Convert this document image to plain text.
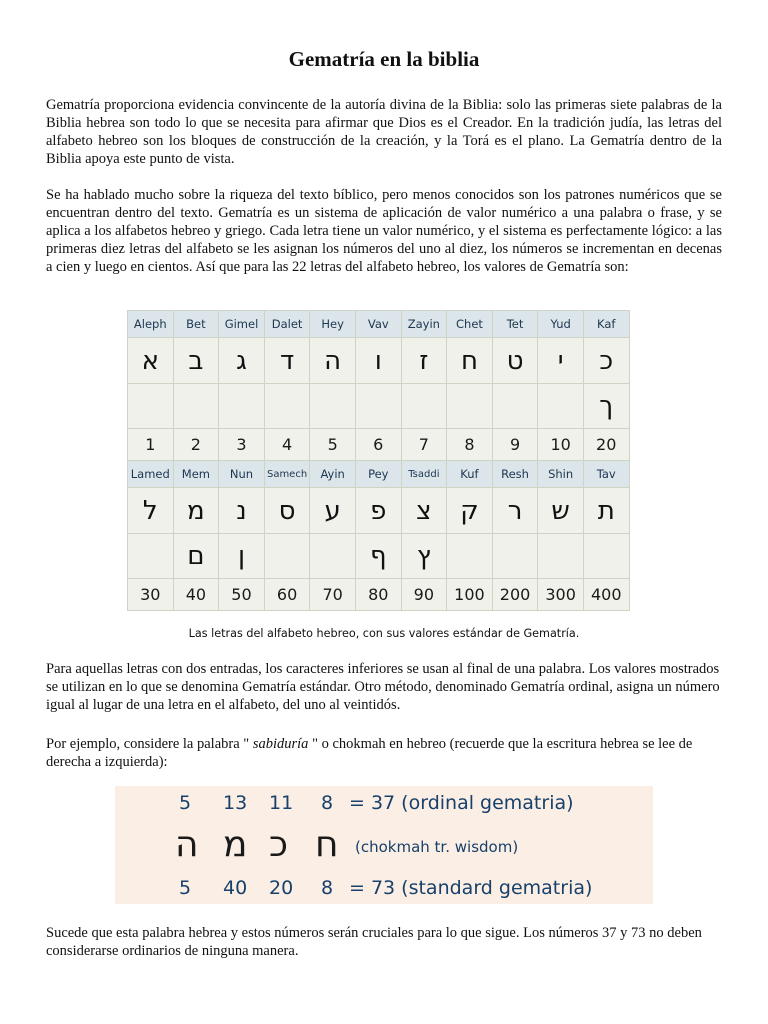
Gematría en la biblia

Gematría proporciona evidencia convincente de la autoría divina de la Biblia: solo las primeras siete palabras de la Biblia hebrea son todo lo que se necesita para afirmar que Dios es el Creador. En la tradición judía, las letras del alfabeto hebreo son los bloques de construcción de la creación, y la Torá es el plano. La Gematría dentro de la Biblia apoya este punto de vista.

Se ha hablado mucho sobre la riqueza del texto bíblico, pero menos conocidos son los patrones numéricos que se encuentran dentro del texto. Gematría es un sistema de aplicación de valor numérico a una palabra o frase, y se aplica a los alfabetos hebreo y griego. Cada letra tiene un valor numérico, y el sistema es perfectamente lógico: a las primeras diez letras del alfabeto se les asignan los números del uno al diez, los números se incrementan en decenas a cien y luego en cientos. Así que para las 22 letras del alfabeto hebreo, los valores de Gematría son:

Aleph	Bet	Gimel	Dalet	Hey	Vav	Zayin	Chet	Tet	Yud	Kaf
א	ב	ג	ד	ה	ו	ז	ח	ט	י	כ
										ך
1	2	3	4	5	6	7	8	9	10	20
Lamed	Mem	Nun	Samech	Ayin	Pey	Tsaddi	Kuf	Resh	Shin	Tav
ל	מ	נ	ס	ע	פ	צ	ק	ר	ש	ת
	ם	ן			ף	ץ				
30	40	50	60	70	80	90	100	200	300	400
Las letras del alfabeto hebreo, con sus valores estándar de Gematría.

Para aquellas letras con dos entradas, los caracteres inferiores se usan al final de una palabra. Los valores mostrados se utilizan en lo que se denomina Gematría estándar. Otro método, denominado Gematría ordinal, asigna un número igual al lugar de una letra en el alfabeto, del uno al veintidós.

Por ejemplo, considere la palabra " sabiduría " o chokmah en hebreo (recuerde que la escritura hebrea se lee de derecha a izquierda):

5 13 11 8 = 37 (ordinal gematria)
ה מ כ ח (chokmah tr. wisdom)
5 40 20 8 = 73 (standard gematria)

Sucede que esta palabra hebrea y estos números serán cruciales para lo que sigue. Los números 37 y 73 no deben considerarse ordinarios de ninguna manera.
